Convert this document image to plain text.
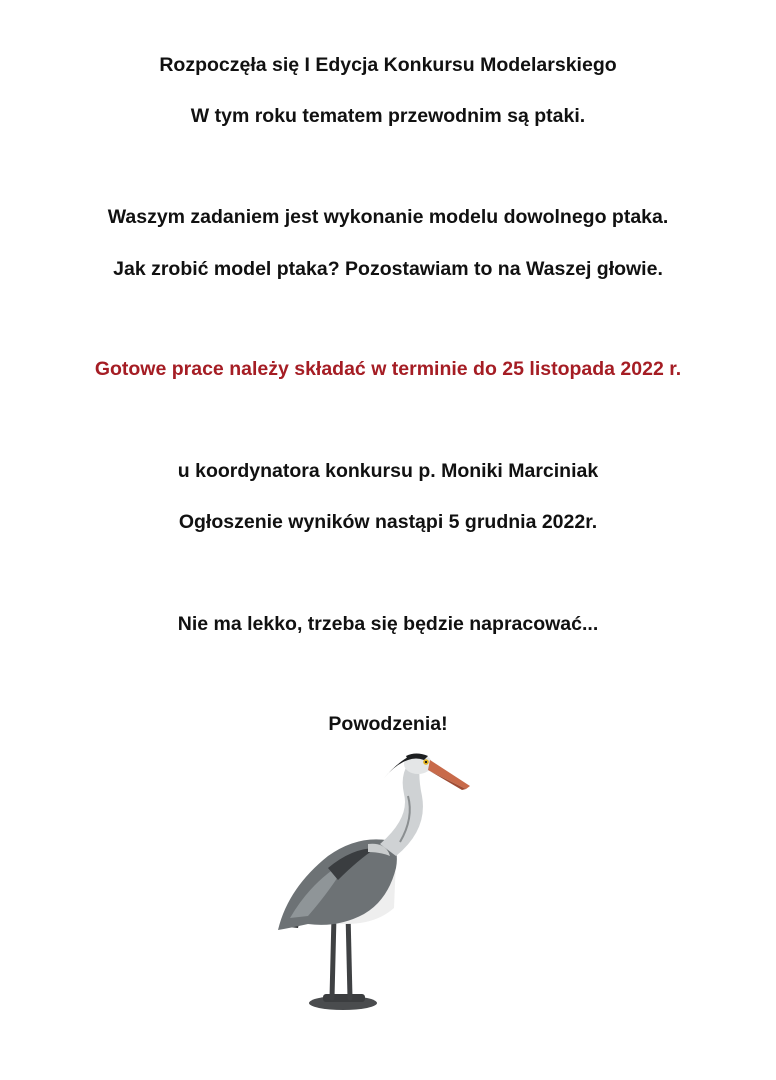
Rozpoczęła się I Edycja Konkursu Modelarskiego
W tym roku tematem przewodnim są ptaki.
Waszym zadaniem jest wykonanie modelu dowolnego ptaka.
Jak zrobić model ptaka? Pozostawiam to na Waszej głowie.
Gotowe prace należy składać w terminie do 25 listopada 2022 r.
u koordynatora konkursu p. Moniki Marciniak
Ogłoszenie wyników nastąpi 5 grudnia 2022r.
Nie ma lekko, trzeba się będzie napracować...
Powodzenia!
